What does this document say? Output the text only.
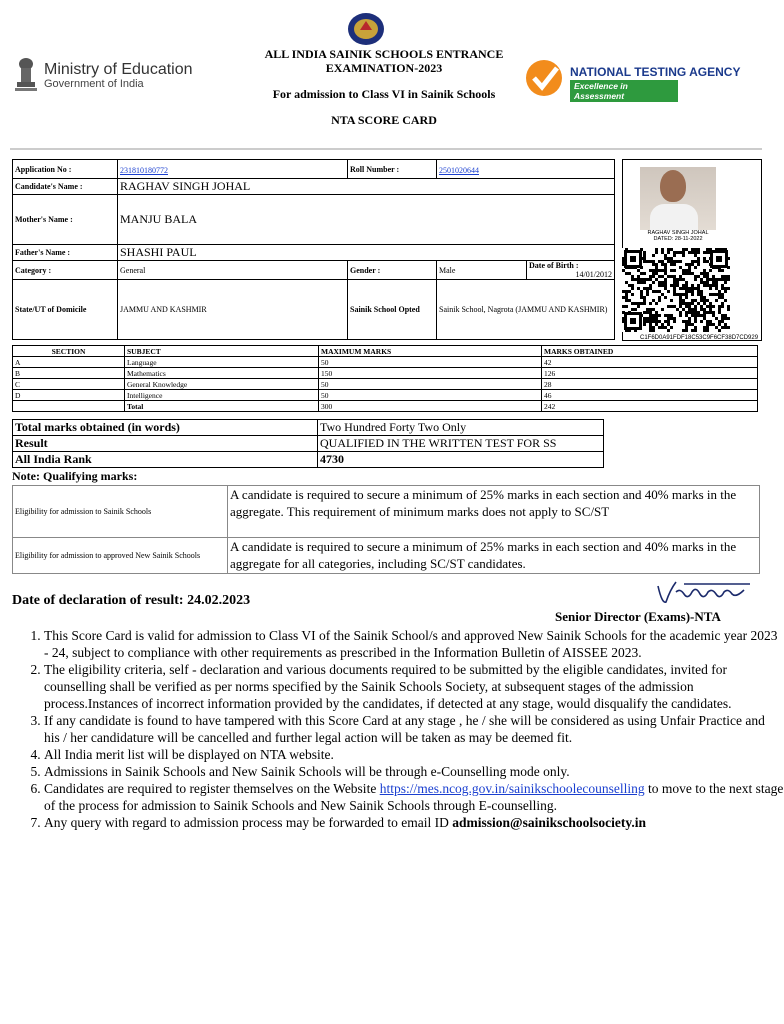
Ministry of Education
Government of India
ALL INDIA SAINIK SCHOOLS ENTRANCE
EXAMINATION-2023
For admission to Class VI in Sainik Schools
NTA SCORE CARD
NATIONAL TESTING AGENCY
Excellence in Assessment
Application No :	231810180772	Roll Number :	2501020644	
Candidate's Name :	RAGHAV SINGH JOHAL			
Mother's Name :	MANJU BALA			
Father's Name :	SHASHI PAUL			
Category :	General	Gender :	Male	Date of Birth :
14/01/2012

State/UT of Domicile	JAMMU AND KASHMIR	Sainik School Opted	Sainik School, Nagrota (JAMMU AND KASHMIR)	
RAGHAV SINGH JOHAL
DATED: 28-11-2022
C1F6D0A91FDF18C53C9F6CF38D7CD929
SECTION	SUBJECT	MAXIMUM MARKS	MARKS OBTAINED
A	Language	50	42
B	Mathematics	150	126
C	General Knowledge	50	28
D	Intelligence	50	46
	Total	300	242
Total marks obtained (in words)	Two Hundred Forty Two Only
Result	QUALIFIED IN THE WRITTEN TEST FOR SS
All India Rank	4730
Note: Qualifying marks:
Eligibility for admission to Sainik Schools	A candidate is required to secure a minimum of 25% marks in each section and 40% marks in the aggregate. This requirement of minimum marks does not apply to SC/ST
Eligibility for admission to approved New Sainik Schools	A candidate is required to secure a minimum of 25% marks in each section and 40% marks in the aggregate for all categories, including SC/ST candidates.
Date of declaration of result: 24.02.2023
Senior Director (Exams)-NTA
1. This Score Card is valid for admission to Class VI of the Sainik School/s and approved New Sainik Schools for the academic year 2023 - 24, subject to compliance with other requirements as prescribed in the Information Bulletin of AISSEE 2023.
2. The eligibility criteria, self - declaration and various documents required to be submitted by the eligible candidates, invited for counselling shall be verified as per norms specified by the Sainik Schools Society, at subsequent stages of the admission process.Instances of incorrect information provided by the candidates, if detected at any stage, would disqualify the candidates.
3. If any candidate is found to have tampered with this Score Card at any stage , he / she will be considered as using Unfair Practice and his / her candidature will be cancelled and further legal action will be taken as may be deemed fit.
4. All India merit list will be displayed on NTA website.
5. Admissions in Sainik Schools and New Sainik Schools will be through e-Counselling mode only.
6. Candidates are required to register themselves on the Website https://mes.ncog.gov.in/sainikschoolecounselling to move to the next stage of the process for admission to Sainik Schools and New Sainik Schools through E-counselling.
7. Any query with regard to admission process may be forwarded to email ID admission@sainikschoolsociety.in
